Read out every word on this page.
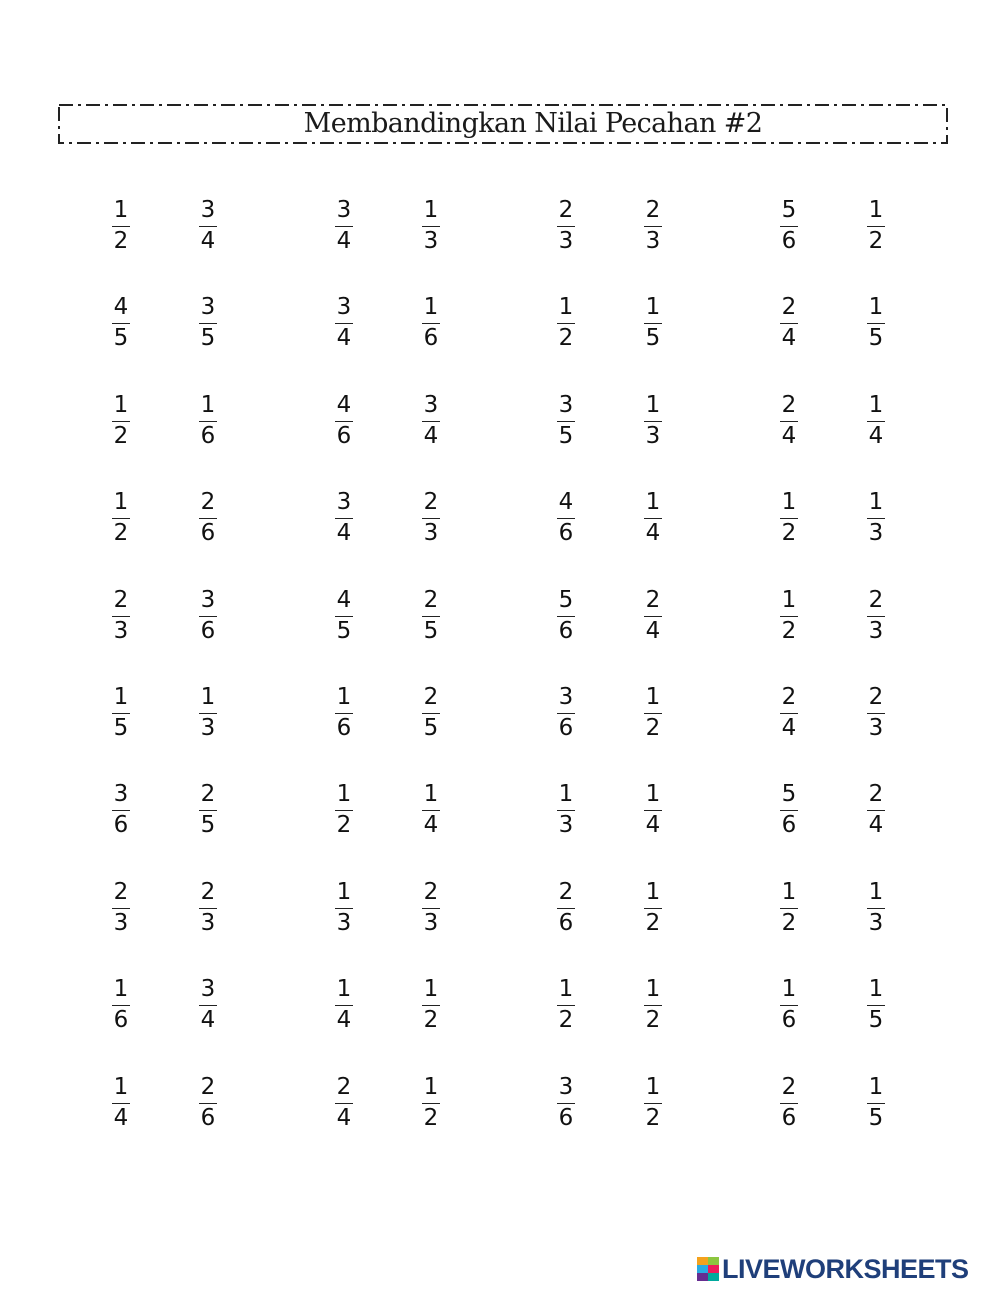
Membandingkan Nilai Pecahan #2
1
2
3
4
3
4
1
3
2
3
2
3
5
6
1
2
4
5
3
5
3
4
1
6
1
2
1
5
2
4
1
5
1
2
1
6
4
6
3
4
3
5
1
3
2
4
1
4
1
2
2
6
3
4
2
3
4
6
1
4
1
2
1
3
2
3
3
6
4
5
2
5
5
6
2
4
1
2
2
3
1
5
1
3
1
6
2
5
3
6
1
2
2
4
2
3
3
6
2
5
1
2
1
4
1
3
1
4
5
6
2
4
2
3
2
3
1
3
2
3
2
6
1
2
1
2
1
3
1
6
3
4
1
4
1
2
1
2
1
2
1
6
1
5
1
4
2
6
2
4
1
2
3
6
1
2
2
6
1
5
LIVEWORKSHEETS
